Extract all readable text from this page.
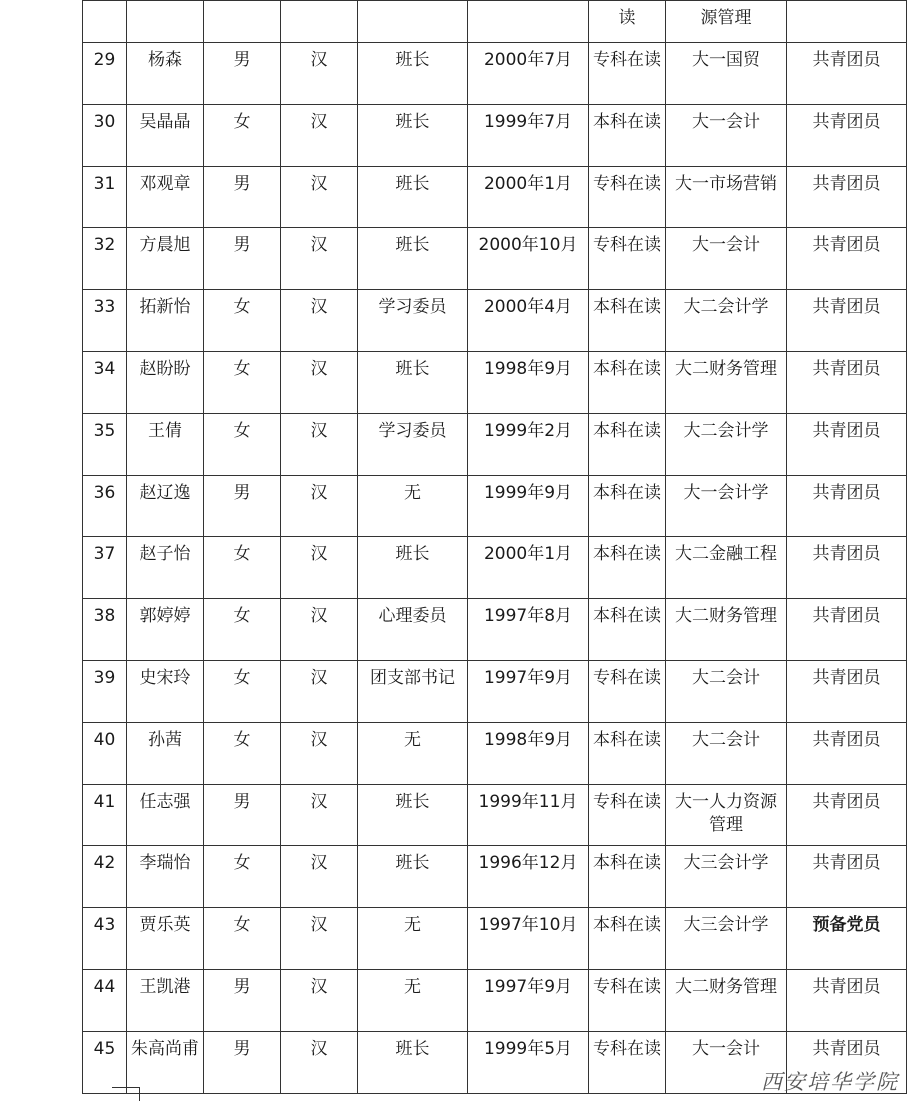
						读	源管理	
29	杨森	男	汉	班长	2000年7月	专科在读	大一国贸	共青团员
30	吴晶晶	女	汉	班长	1999年7月	本科在读	大一会计	共青团员
31	邓观章	男	汉	班长	2000年1月	专科在读	大一市场营销	共青团员
32	方晨旭	男	汉	班长	2000年10月	专科在读	大一会计	共青团员
33	拓新怡	女	汉	学习委员	2000年4月	本科在读	大二会计学	共青团员
34	赵盼盼	女	汉	班长	1998年9月	本科在读	大二财务管理	共青团员
35	王倩	女	汉	学习委员	1999年2月	本科在读	大二会计学	共青团员
36	赵辽逸	男	汉	无	1999年9月	本科在读	大一会计学	共青团员
37	赵子怡	女	汉	班长	2000年1月	本科在读	大二金融工程	共青团员
38	郭婷婷	女	汉	心理委员	1997年8月	本科在读	大二财务管理	共青团员
39	史宋玲	女	汉	团支部书记	1997年9月	专科在读	大二会计	共青团员
40	孙茜	女	汉	无	1998年9月	本科在读	大二会计	共青团员
41	任志强	男	汉	班长	1999年11月	专科在读	大一人力资源管理	共青团员
42	李瑞怡	女	汉	班长	1996年12月	本科在读	大三会计学	共青团员
43	贾乐英	女	汉	无	1997年10月	本科在读	大三会计学	预备党员
44	王凯港	男	汉	无	1997年9月	专科在读	大二财务管理	共青团员
45	朱高尚甫	男	汉	班长	1999年5月	专科在读	大一会计	共青团员
西安培华学院
